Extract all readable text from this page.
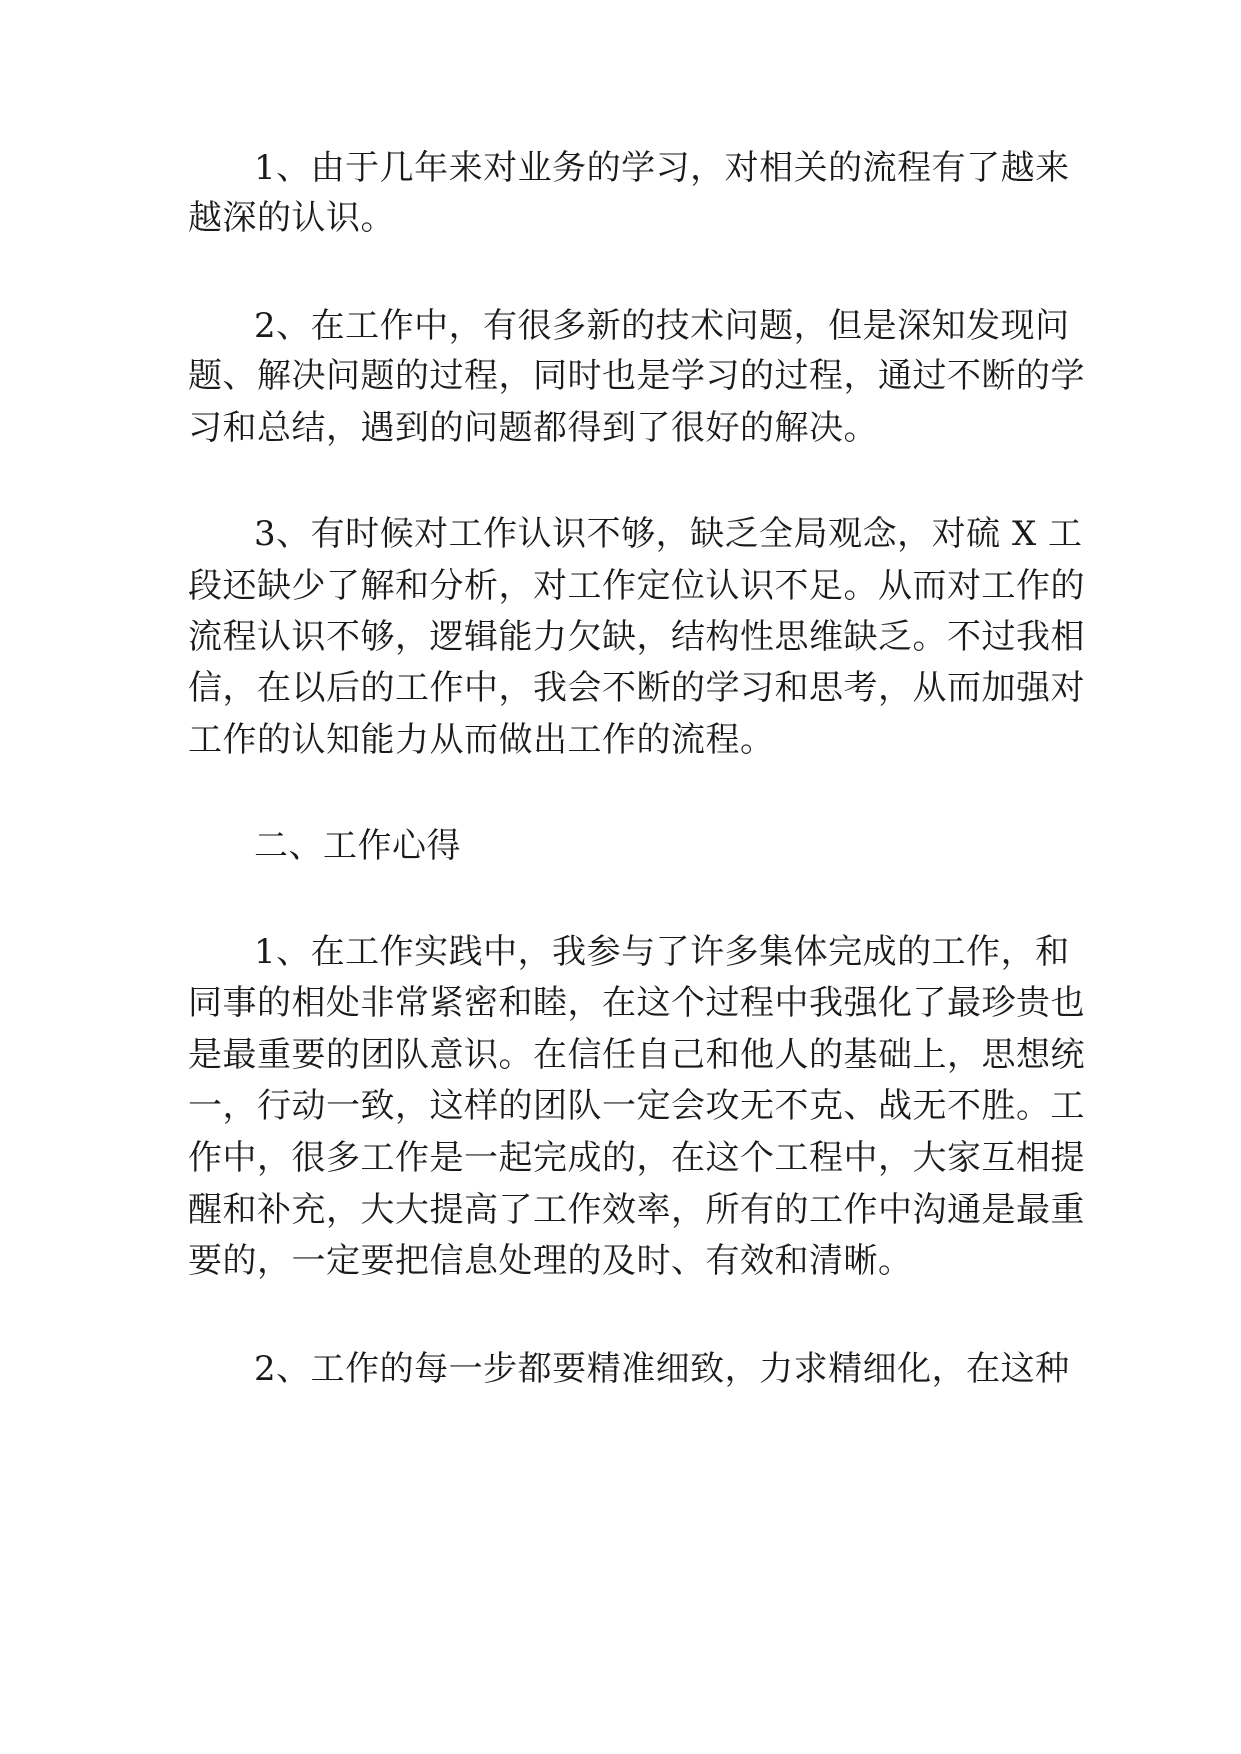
1、由于几年来对业务的学习，对相关的流程有了越来
越深的认识。
2、在工作中，有很多新的技术问题，但是深知发现问
题、解决问题的过程，同时也是学习的过程，通过不断的学
习和总结，遇到的问题都得到了很好的解决。
3、有时候对工作认识不够，缺乏全局观念，对硫 X 工
段还缺少了解和分析，对工作定位认识不足。从而对工作的
流程认识不够，逻辑能力欠缺，结构性思维缺乏。不过我相
信，在以后的工作中，我会不断的学习和思考，从而加强对
工作的认知能力从而做出工作的流程。
二、工作心得
1、在工作实践中，我参与了许多集体完成的工作，和
同事的相处非常紧密和睦，在这个过程中我强化了最珍贵也
是最重要的团队意识。在信任自己和他人的基础上，思想统
一，行动一致，这样的团队一定会攻无不克、战无不胜。工
作中，很多工作是一起完成的，在这个工程中，大家互相提
醒和补充，大大提高了工作效率，所有的工作中沟通是最重
要的，一定要把信息处理的及时、有效和清晰。
2、工作的每一步都要精准细致，力求精细化，在这种
